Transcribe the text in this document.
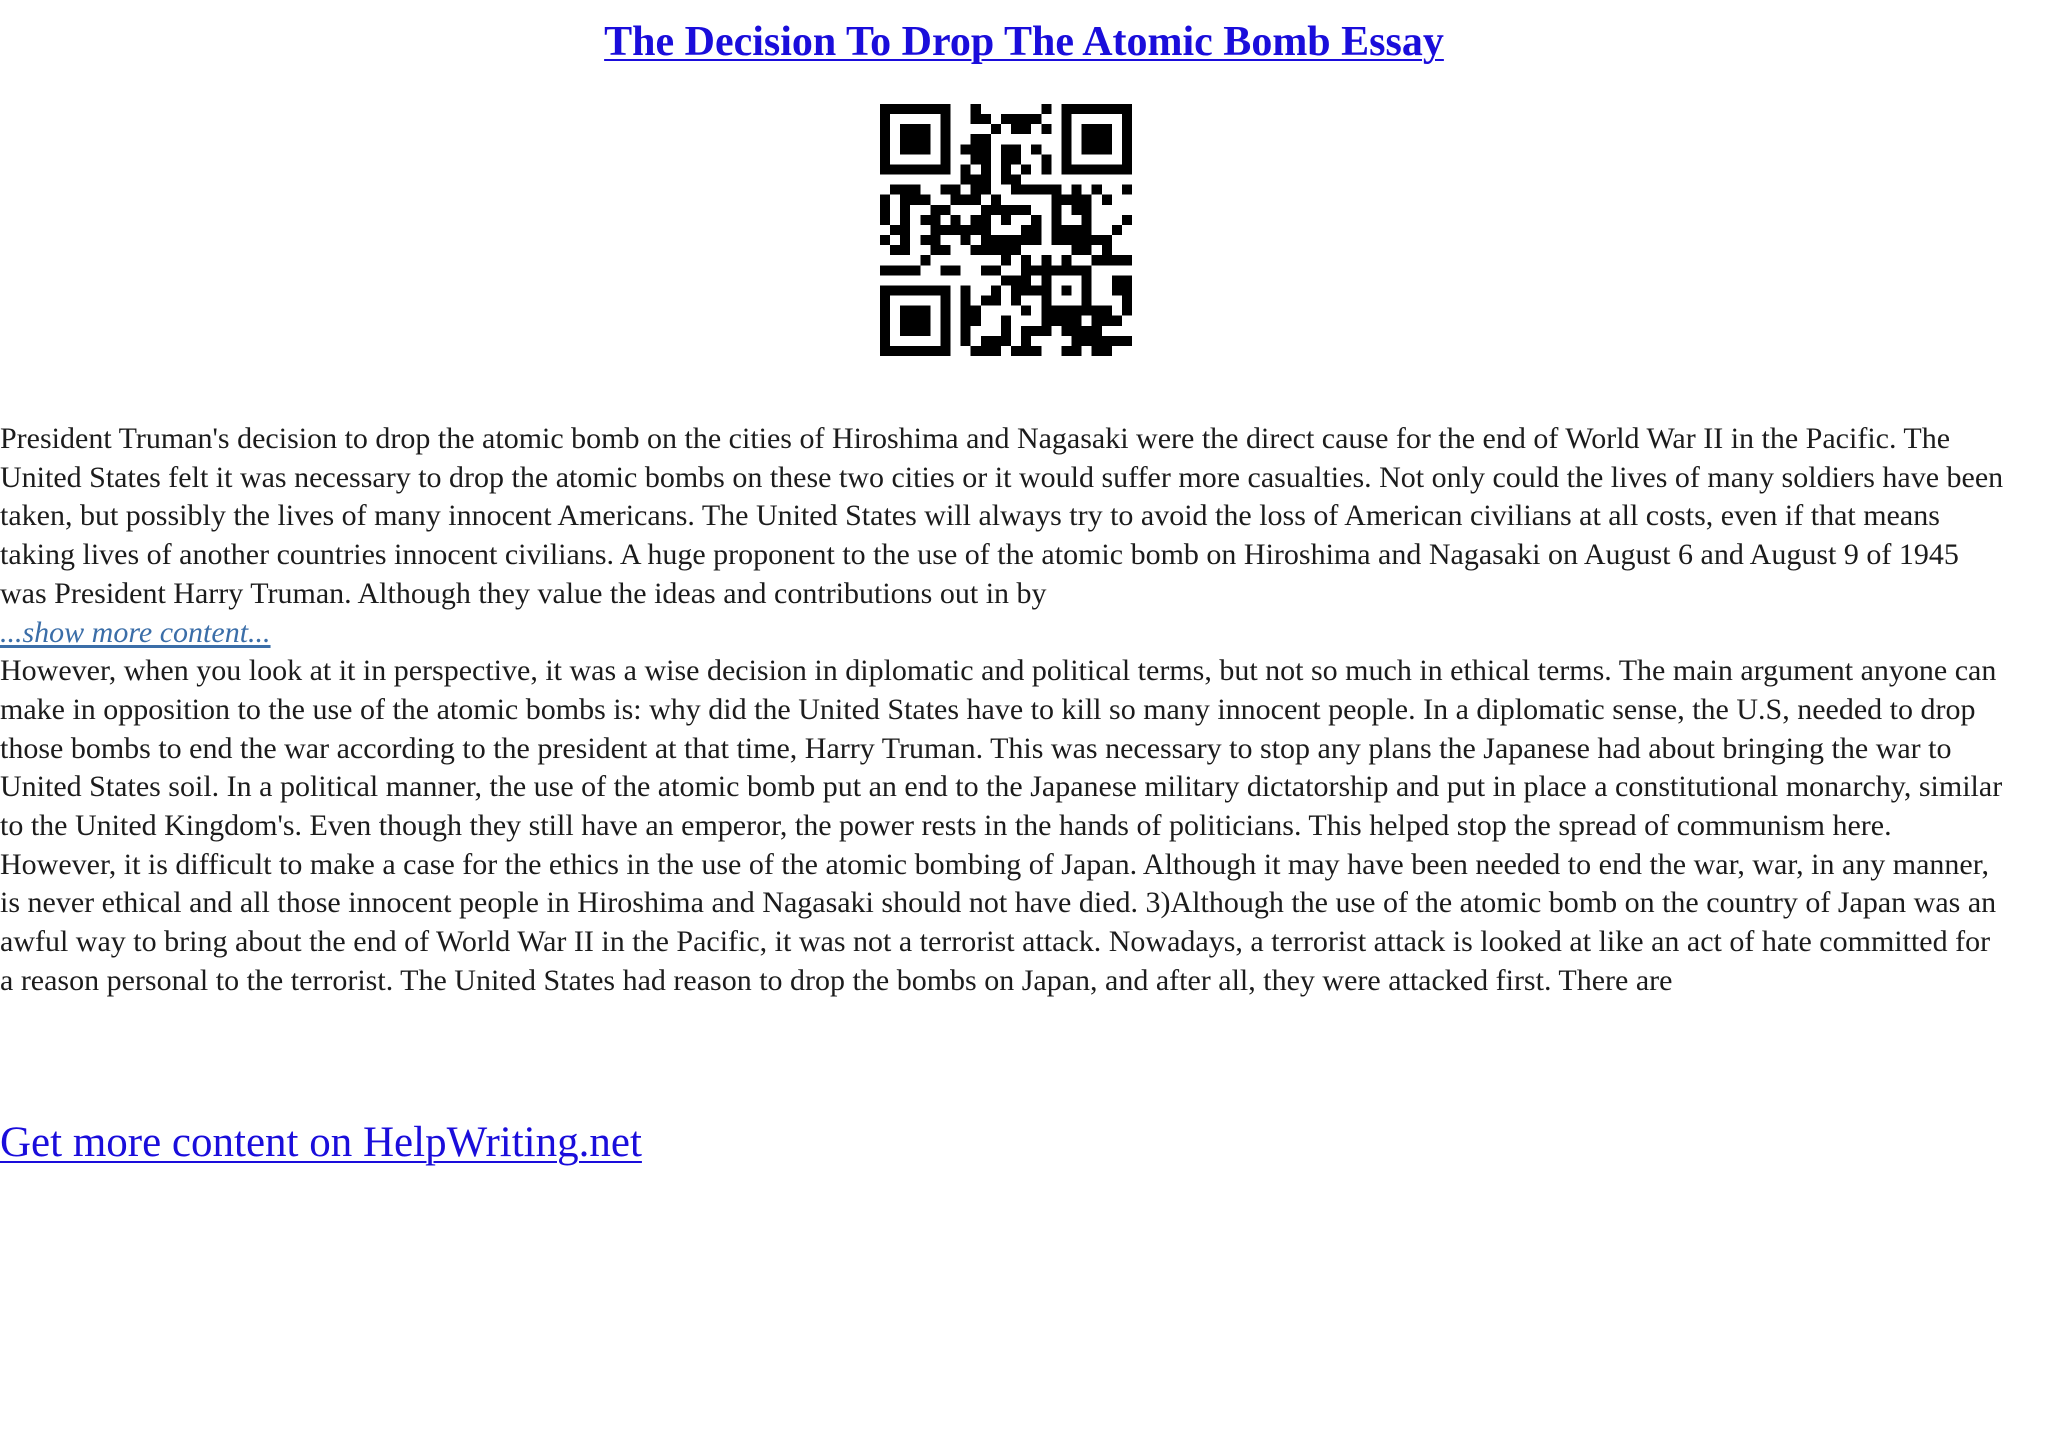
The Decision To Drop The Atomic Bomb Essay

President Truman's decision to drop the atomic bomb on the cities of Hiroshima and Nagasaki were the direct cause for the end of World War II in the Pacific. The United States felt it was necessary to drop the atomic bombs on these two cities or it would suffer more casualties. Not only could the lives of many soldiers have been taken, but possibly the lives of many innocent Americans. The United States will always try to avoid the loss of American civilians at all costs, even if that means taking lives of another countries innocent civilians. A huge proponent to the use of the atomic bomb on Hiroshima and Nagasaki on August 6 and August 9 of 1945 was President Harry Truman. Although they value the ideas and contributions out in by

...show more content...

However, when you look at it in perspective, it was a wise decision in diplomatic and political terms, but not so much in ethical terms. The main argument anyone can make in opposition to the use of the atomic bombs is: why did the United States have to kill so many innocent people. In a diplomatic sense, the U.S, needed to drop those bombs to end the war according to the president at that time, Harry Truman. This was necessary to stop any plans the Japanese had about bringing the war to United States soil. In a political manner, the use of the atomic bomb put an end to the Japanese military dictatorship and put in place a constitutional monarchy, similar to the United Kingdom's. Even though they still have an emperor, the power rests in the hands of politicians. This helped stop the spread of communism here. However, it is difficult to make a case for the ethics in the use of the atomic bombing of Japan. Although it may have been needed to end the war, war, in any manner, is never ethical and all those innocent people in Hiroshima and Nagasaki should not have died. 3)Although the use of the atomic bomb on the country of Japan was an awful way to bring about the end of World War II in the Pacific, it was not a terrorist attack. Nowadays, a terrorist attack is looked at like an act of hate committed for a reason personal to the terrorist. The United States had reason to drop the bombs on Japan, and after all, they were attacked first. There are

Get more content on HelpWriting.net
